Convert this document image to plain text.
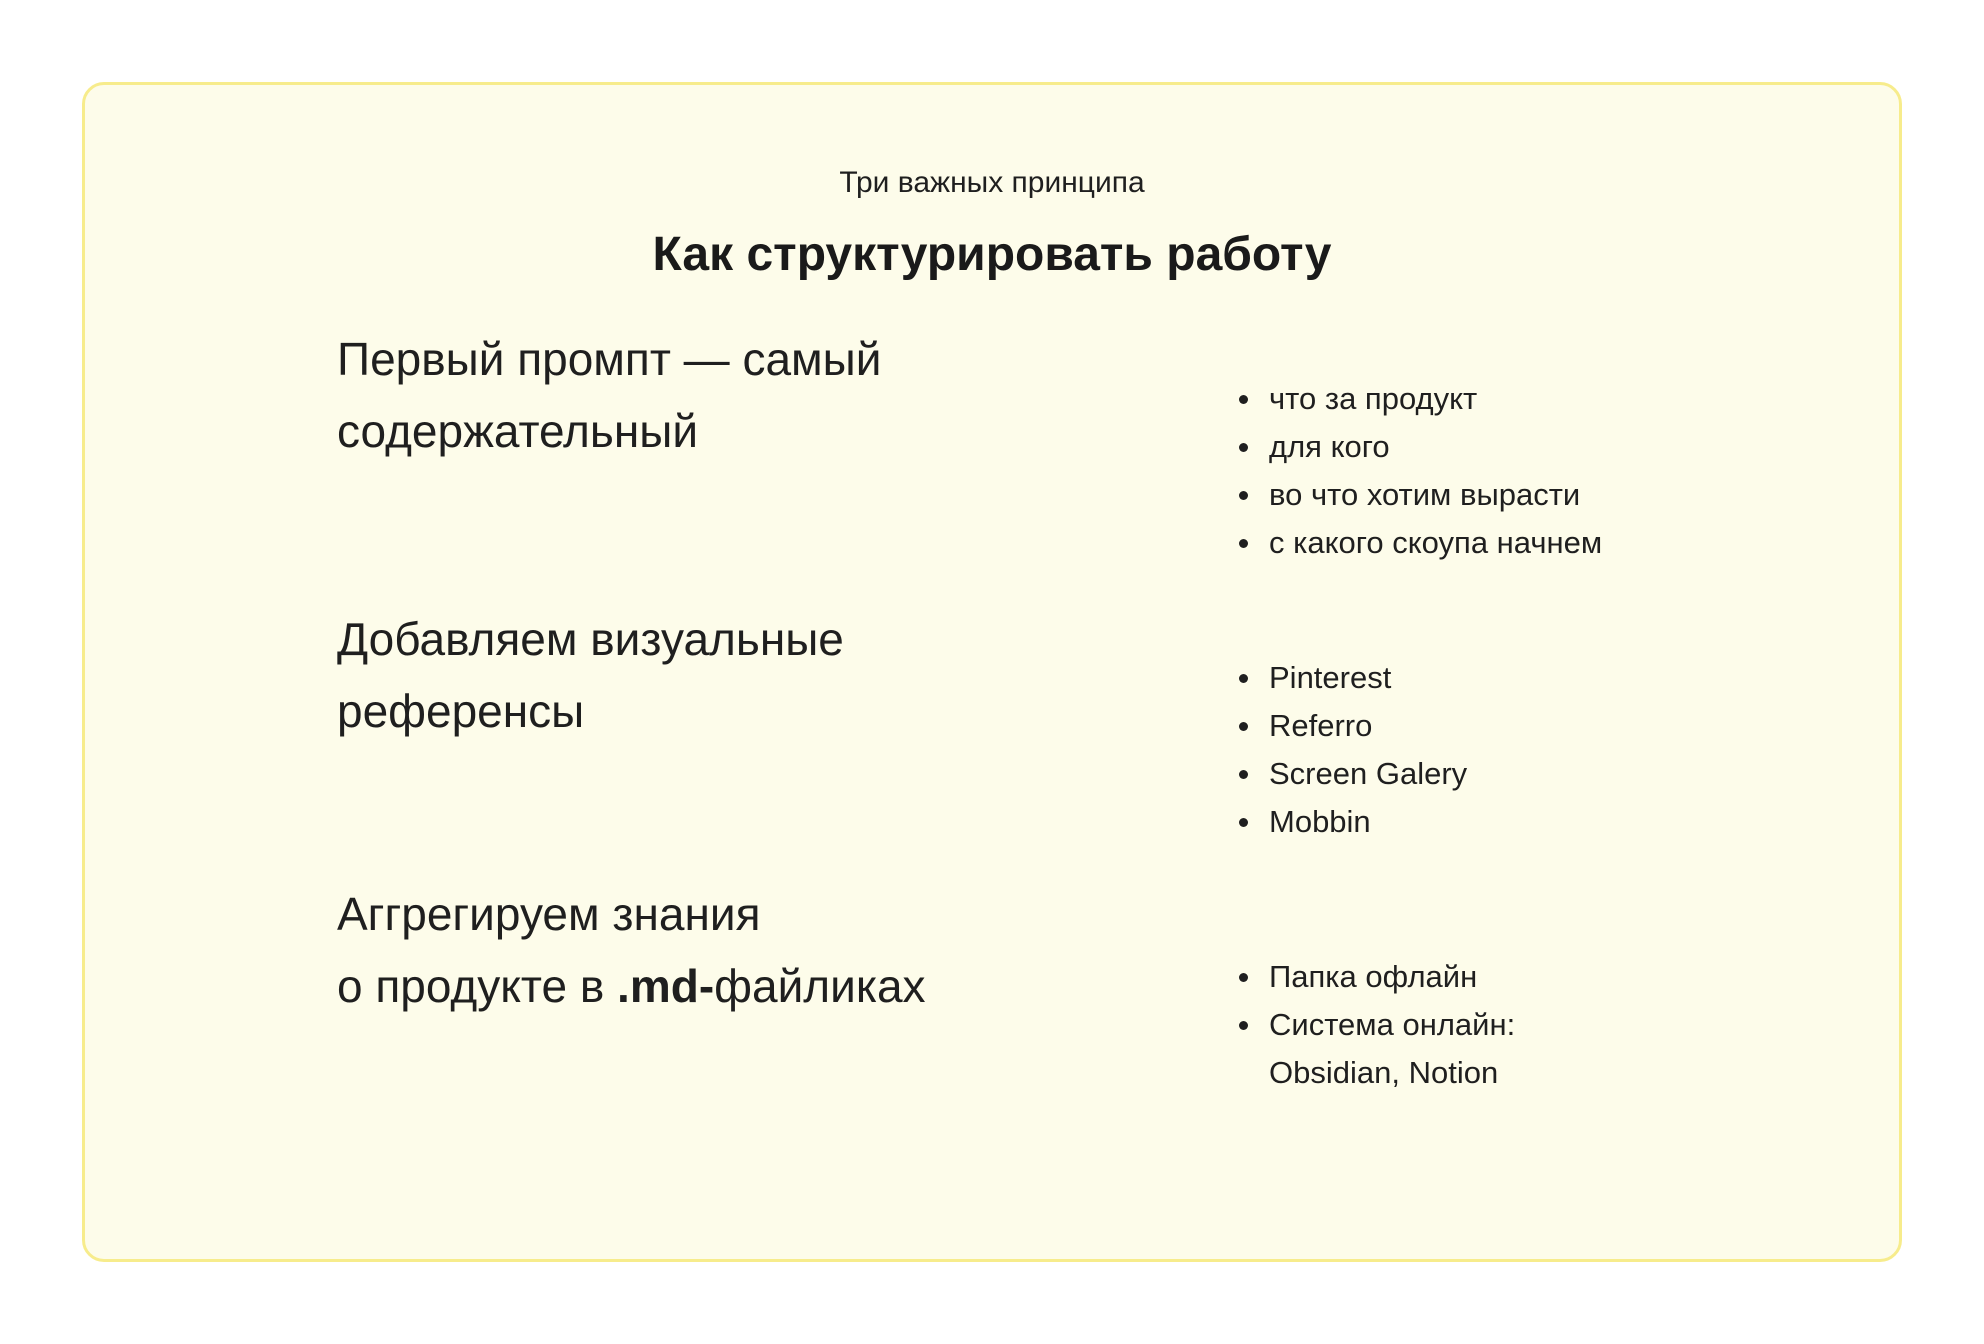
Три важных принципа
Как структурировать работу
Первый промпт — самый
содержательный
что за продукт
для кого
во что хотим вырасти
с какого скоупа начнем
Добавляем визуальные
референсы
Pinterest
Referro
Screen Galery
Mobbin
Аггрегируем знания
о продукте в .md-файликах	Папка офлайн
Система онлайн:
Obsidian, Notion
